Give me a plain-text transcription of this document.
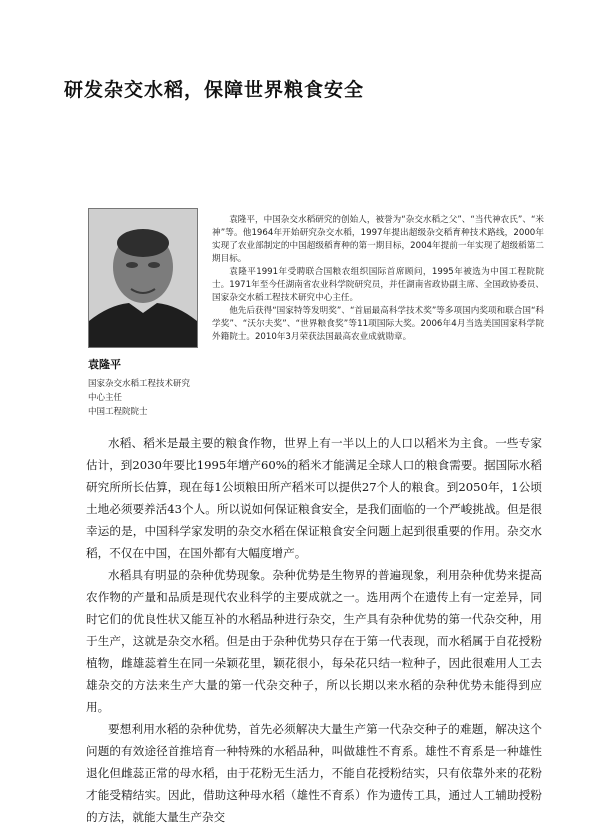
研发杂交水稻，保障世界粮食安全
袁隆平
国家杂交水稻工程技术研究
中心主任
中国工程院院士

袁隆平，中国杂交水稻研究的创始人，被誉为“杂交水稻之父”、“当代神农氏”、“米神”等。他1964年开始研究杂交水稻，1997年提出超级杂交稻育种技术路线，2000年实现了农业部制定的中国超级稻育种的第一期目标，2004年提前一年实现了超级稻第二期目标。

袁隆平1991年受聘联合国粮农组织国际首席顾问，1995年被选为中国工程院院士。1971年至今任湖南省农业科学院研究员，并任湖南省政协副主席、全国政协委员、国家杂交水稻工程技术研究中心主任。

他先后获得“国家特等发明奖”、“首届最高科学技术奖”等多项国内奖项和联合国“科学奖”、“沃尔夫奖”、“世界粮食奖”等11项国际大奖。2006年4月当选美国国家科学院外籍院士。2010年3月荣获法国最高农业成就勋章。

水稻、稻米是最主要的粮食作物，世界上有一半以上的人口以稻米为主食。一些专家估计，到2030年要比1995年增产60%的稻米才能满足全球人口的粮食需要。据国际水稻研究所所长估算，现在每1公顷粮田所产稻米可以提供27个人的粮食。到2050年，1公顷土地必须要养活43个人。所以说如何保证粮食安全，是我们面临的一个严峻挑战。但是很幸运的是，中国科学家发明的杂交水稻在保证粮食安全问题上起到很重要的作用。杂交水稻，不仅在中国，在国外都有大幅度增产。

水稻具有明显的杂种优势现象。杂种优势是生物界的普遍现象，利用杂种优势来提高农作物的产量和品质是现代农业科学的主要成就之一。选用两个在遗传上有一定差异，同时它们的优良性状又能互补的水稻品种进行杂交，生产具有杂种优势的第一代杂交种，用于生产，这就是杂交水稻。但是由于杂种优势只存在于第一代表现，而水稻属于自花授粉植物，雌雄蕊着生在同一朵颖花里，颖花很小，每朵花只结一粒种子，因此很难用人工去雄杂交的方法来生产大量的第一代杂交种子，所以长期以来水稻的杂种优势未能得到应用。

要想利用水稻的杂种优势，首先必须解决大量生产第一代杂交种子的难题，解决这个问题的有效途径首推培育一种特殊的水稻品种，叫做雄性不育系。雄性不育系是一种雄性退化但雌蕊正常的母水稻，由于花粉无生活力，不能自花授粉结实，只有依靠外来的花粉才能受精结实。因此，借助这种母水稻（雄性不育系）作为遗传工具，通过人工辅助授粉的方法，就能大量生产杂交
